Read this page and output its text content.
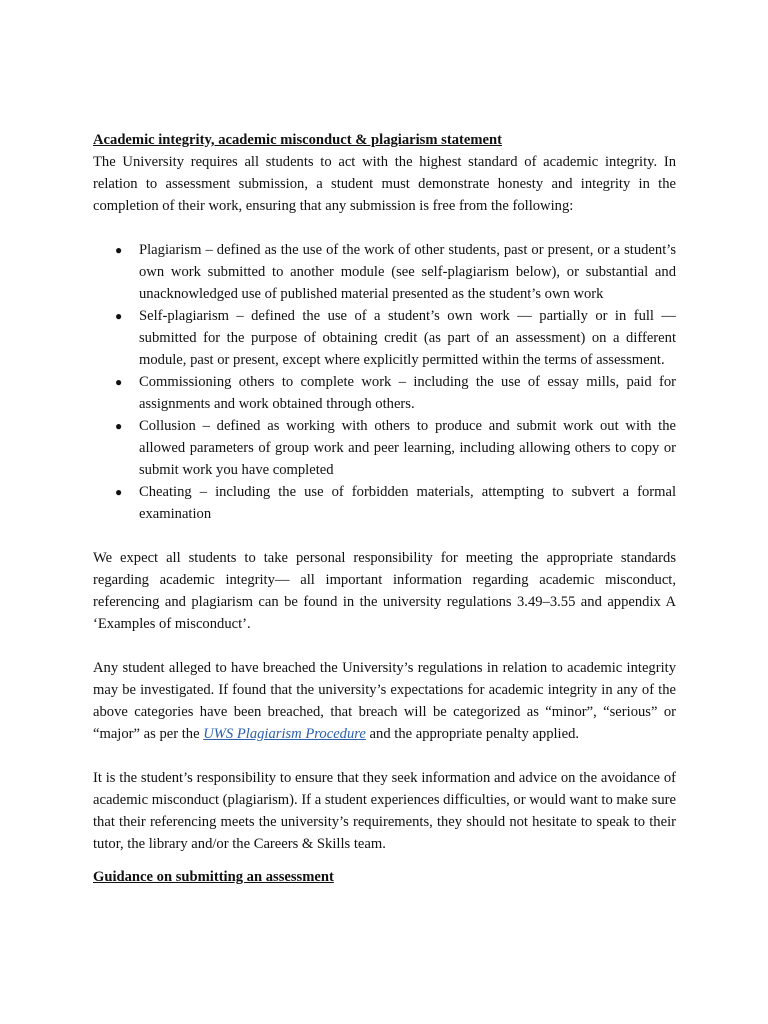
Academic integrity, academic misconduct & plagiarism statement

The University requires all students to act with the highest standard of academic integrity. In relation to assessment submission, a student must demonstrate honesty and integrity in the completion of their work, ensuring that any submission is free from the following:

● Plagiarism – defined as the use of the work of other students, past or present, or a student’s own work submitted to another module (see self-plagiarism below), or substantial and unacknowledged use of published material presented as the student’s own work
● Self-plagiarism – defined the use of a student’s own work — partially or in full — submitted for the purpose of obtaining credit (as part of an assessment) on a different module, past or present, except where explicitly permitted within the terms of assessment.
● Commissioning others to complete work – including the use of essay mills, paid for assignments and work obtained through others.
● Collusion – defined as working with others to produce and submit work out with the allowed parameters of group work and peer learning, including allowing others to copy or submit work you have completed
● Cheating – including the use of forbidden materials, attempting to subvert a formal examination

We expect all students to take personal responsibility for meeting the appropriate standards regarding academic integrity— all important information regarding academic misconduct, referencing and plagiarism can be found in the university regulations 3.49–3.55 and appendix A ‘Examples of misconduct’.

Any student alleged to have breached the University’s regulations in relation to academic integrity may be investigated. If found that the university’s expectations for academic integrity in any of the above categories have been breached, that breach will be categorized as “minor”, “serious” or “major” as per the UWS Plagiarism Procedure and the appropriate penalty applied.

It is the student’s responsibility to ensure that they seek information and advice on the avoidance of academic misconduct (plagiarism). If a student experiences difficulties, or would want to make sure that their referencing meets the university’s requirements, they should not hesitate to speak to their tutor, the library and/or the Careers & Skills team.

Guidance on submitting an assessment
